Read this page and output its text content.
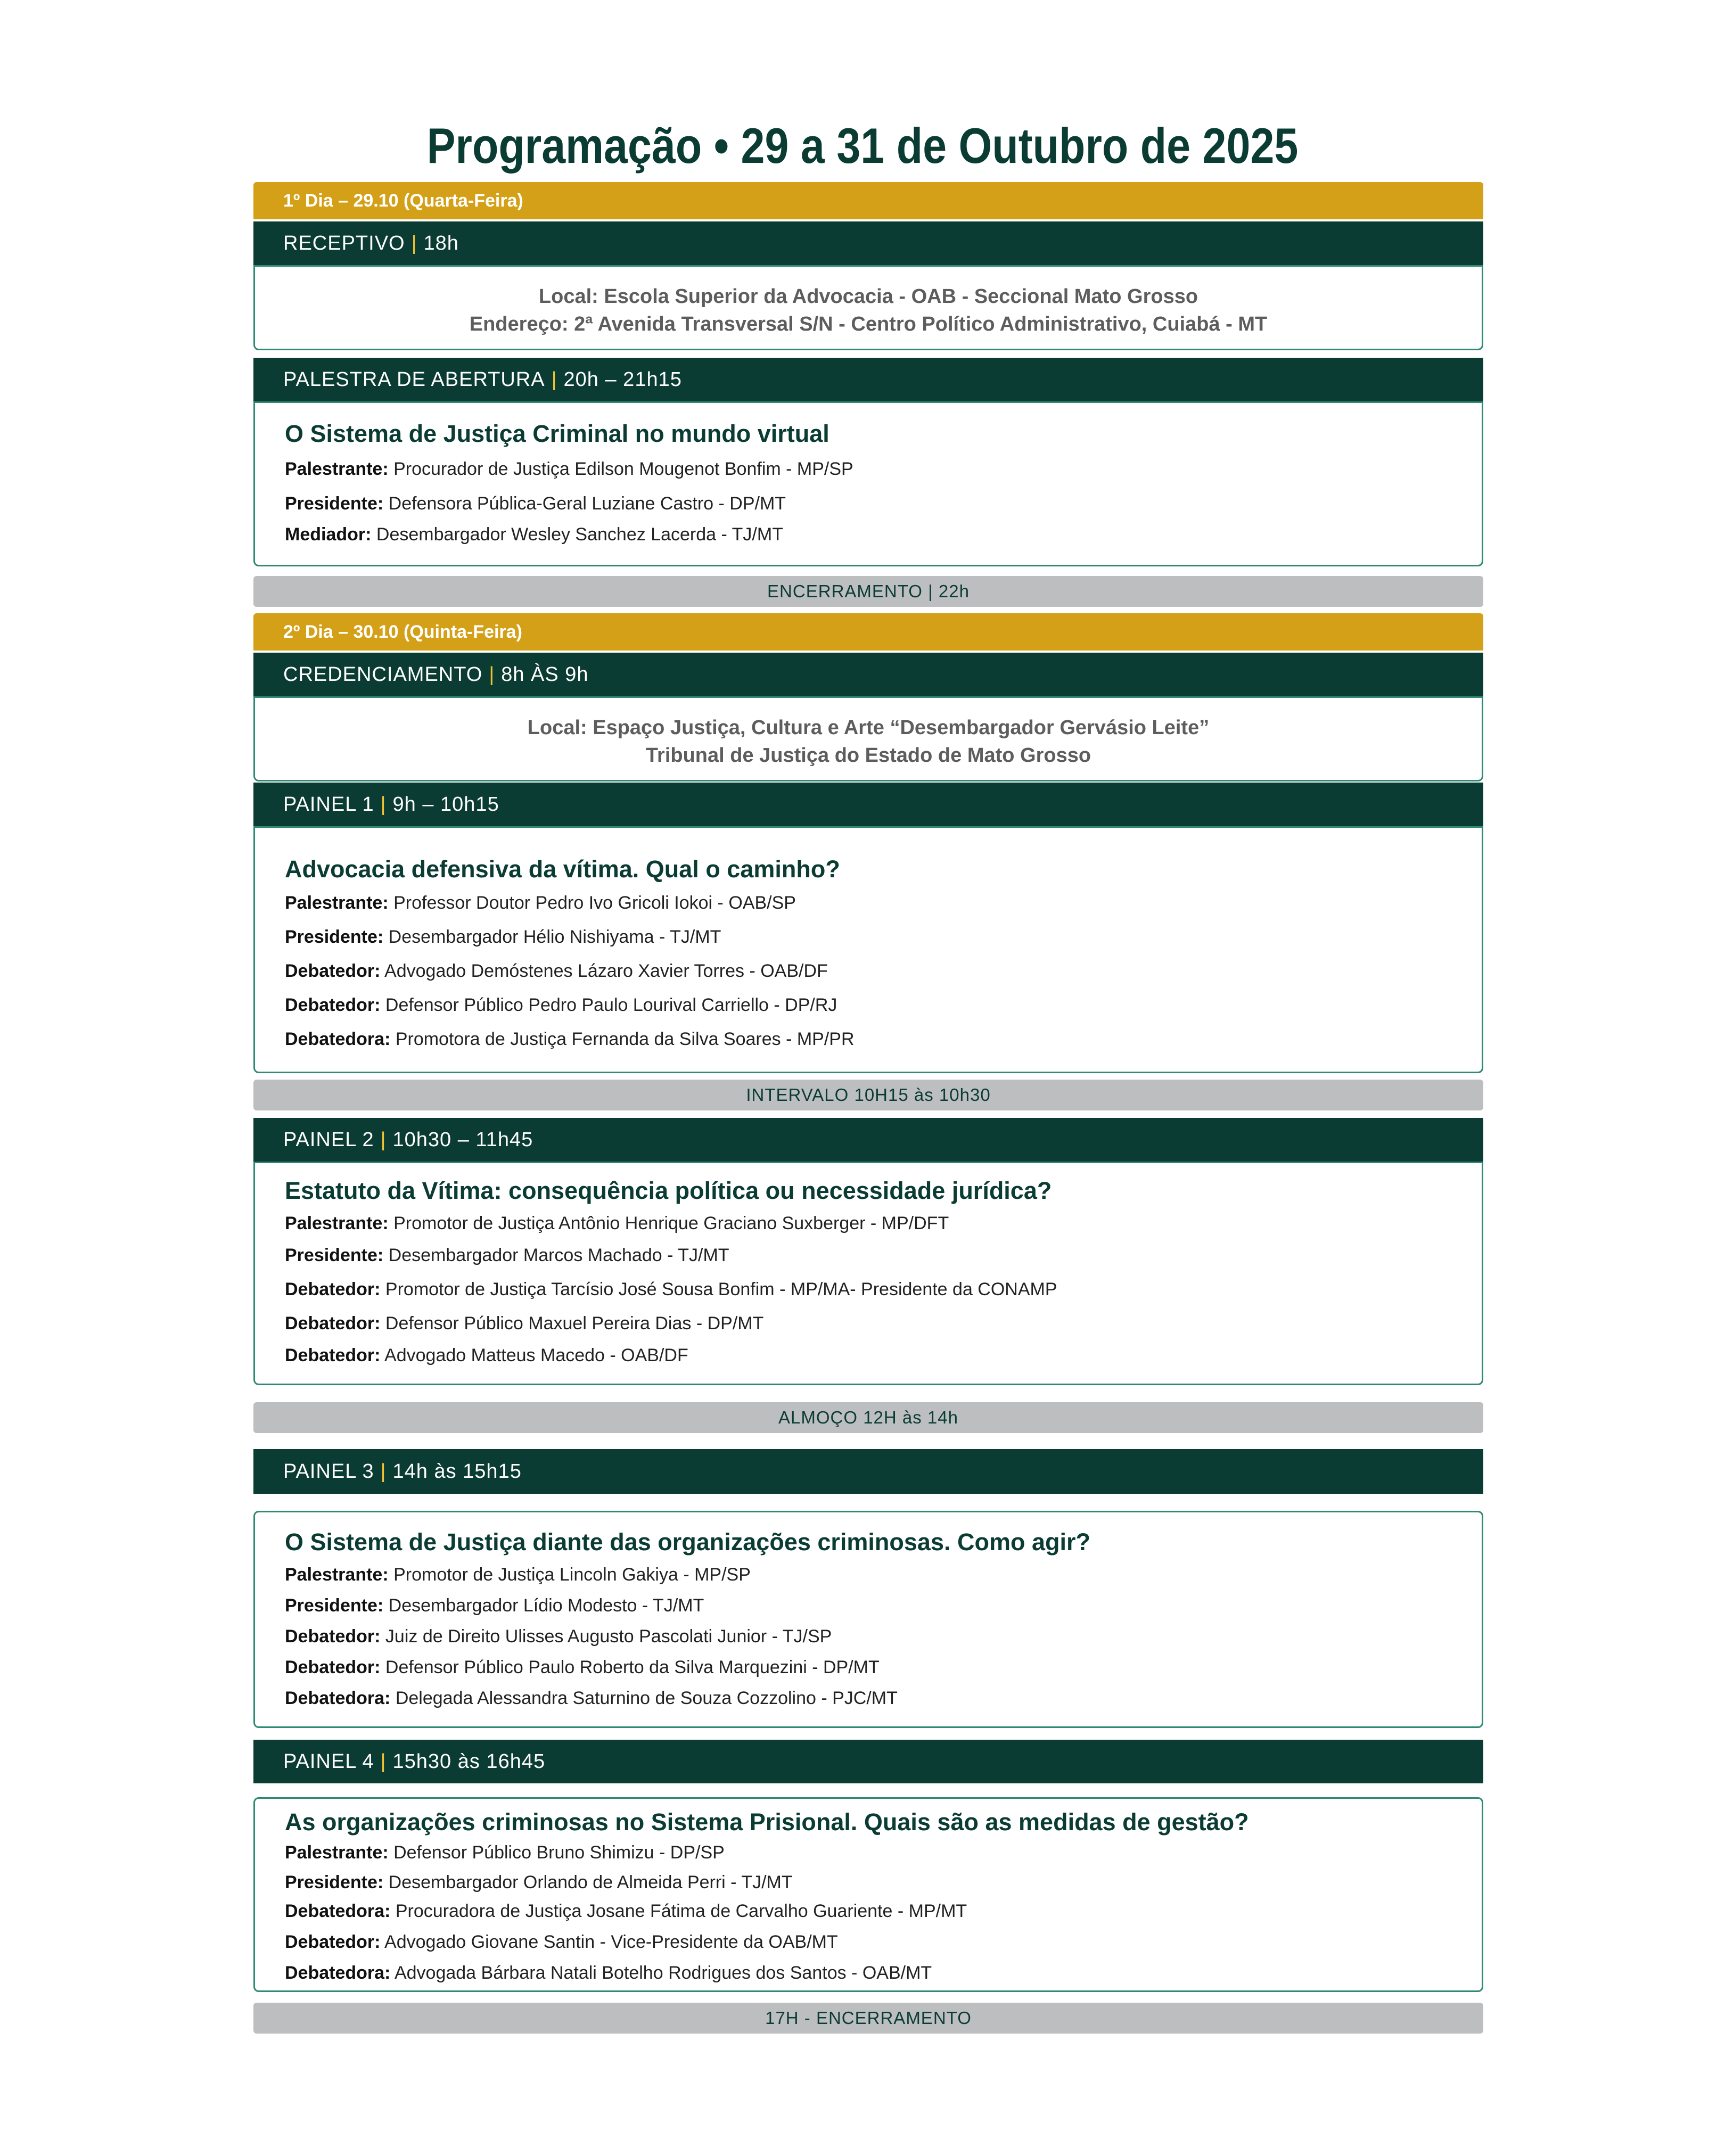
Programação • 29 a 31 de Outubro de 2025
1º Dia – 29.10 (Quarta-Feira)
RECEPTIVO | 18h
Local: Escola Superior da Advocacia - OAB - Seccional Mato Grosso
Endereço: 2ª Avenida Transversal S/N - Centro Político Administrativo, Cuiabá - MT
PALESTRA DE ABERTURA | 20h – 21h15
O Sistema de Justiça Criminal no mundo virtual
Palestrante: Procurador de Justiça Edilson Mougenot Bonfim - MP/SP
Presidente: Defensora Pública-Geral Luziane Castro - DP/MT
Mediador: Desembargador Wesley Sanchez Lacerda - TJ/MT
ENCERRAMENTO | 22h
2º Dia – 30.10 (Quinta-Feira)
CREDENCIAMENTO | 8h ÀS 9h
Local: Espaço Justiça, Cultura e Arte “Desembargador Gervásio Leite”
Tribunal de Justiça do Estado de Mato Grosso
PAINEL 1 | 9h – 10h15
Advocacia defensiva da vítima. Qual o caminho?
Palestrante: Professor Doutor Pedro Ivo Gricoli Iokoi - OAB/SP
Presidente: Desembargador Hélio Nishiyama - TJ/MT
Debatedor: Advogado Demóstenes Lázaro Xavier Torres - OAB/DF
Debatedor: Defensor Público Pedro Paulo Lourival Carriello - DP/RJ
Debatedora: Promotora de Justiça Fernanda da Silva Soares - MP/PR
INTERVALO 10H15 às 10h30
PAINEL 2 | 10h30 – 11h45
Estatuto da Vítima: consequência política ou necessidade jurídica?
Palestrante: Promotor de Justiça Antônio Henrique Graciano Suxberger - MP/DFT
Presidente: Desembargador Marcos Machado - TJ/MT
Debatedor: Promotor de Justiça Tarcísio José Sousa Bonfim - MP/MA- Presidente da CONAMP
Debatedor: Defensor Público Maxuel Pereira Dias - DP/MT
Debatedor: Advogado Matteus Macedo - OAB/DF
ALMOÇO 12H às 14h
PAINEL 3 | 14h às 15h15
O Sistema de Justiça diante das organizações criminosas. Como agir?
Palestrante: Promotor de Justiça Lincoln Gakiya - MP/SP
Presidente: Desembargador Lídio Modesto - TJ/MT
Debatedor: Juiz de Direito Ulisses Augusto Pascolati Junior - TJ/SP
Debatedor: Defensor Público Paulo Roberto da Silva Marquezini - DP/MT
Debatedora: Delegada Alessandra Saturnino de Souza Cozzolino - PJC/MT
PAINEL 4 | 15h30 às 16h45
As organizações criminosas no Sistema Prisional. Quais são as medidas de gestão?
Palestrante: Defensor Público Bruno Shimizu - DP/SP
Presidente: Desembargador Orlando de Almeida Perri - TJ/MT
Debatedora: Procuradora de Justiça Josane Fátima de Carvalho Guariente - MP/MT
Debatedor: Advogado Giovane Santin - Vice-Presidente da OAB/MT
Debatedora: Advogada Bárbara Natali Botelho Rodrigues dos Santos - OAB/MT
17H - ENCERRAMENTO
